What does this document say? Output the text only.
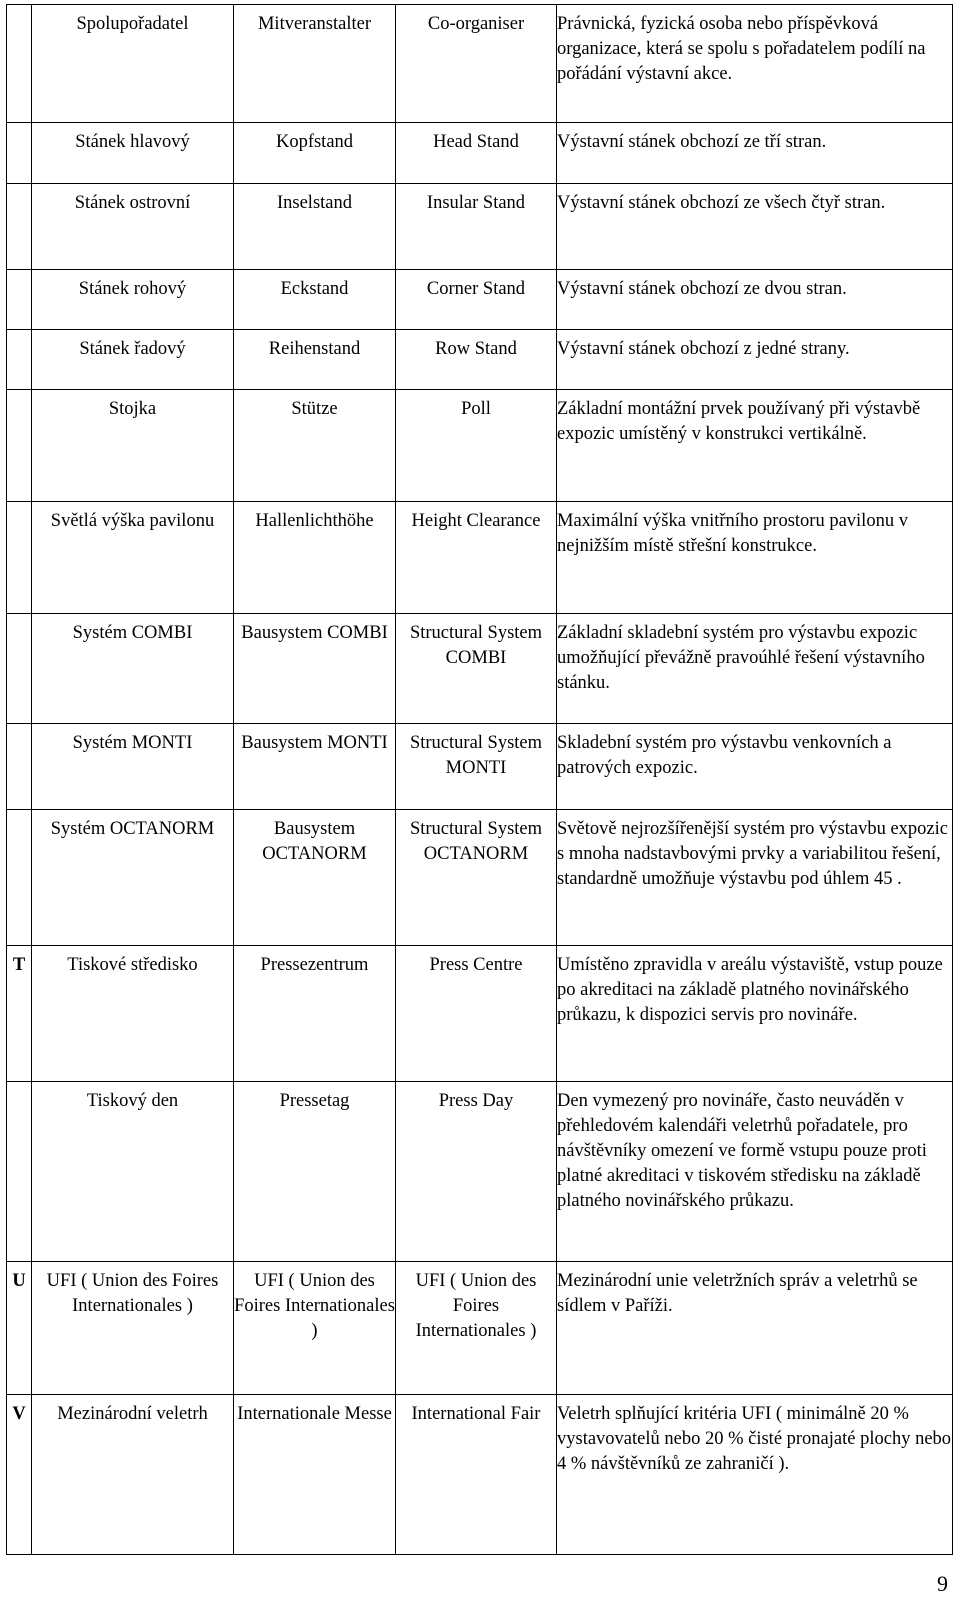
	Spolupořadatel	Mitveranstalter	Co-organiser	Právnická, fyzická osoba nebo příspěvková organizace, která se spolu s pořadatelem podílí na pořádání výstavní akce.

	Stánek hlavový	Kopfstand	Head Stand	Výstavní stánek obchozí ze tří stran.

	Stánek ostrovní	Inselstand	Insular Stand	Výstavní stánek obchozí ze všech čtyř stran.

	Stánek rohový	Eckstand	Corner Stand	Výstavní stánek obchozí ze dvou stran.

	Stánek řadový	Reihenstand	Row Stand	Výstavní stánek obchozí z jedné strany.

	Stojka	Stütze	Poll	Základní montážní prvek používaný při výstavbě expozic umístěný v konstrukci vertikálně.

	Světlá výška pavilonu	Hallenlichthöhe	Height Clearance	Maximální výška vnitřního prostoru pavilonu v nejnižším místě střešní konstrukce.

	Systém COMBI	Bausystem COMBI	Structural System COMBI	Základní skladební systém pro výstavbu expozic umožňující převážně pravoúhlé řešení výstavního stánku.

	Systém MONTI	Bausystem MONTI	Structural System MONTI	Skladební systém pro výstavbu venkovních a patrových expozic.

	Systém OCTANORM	Bausystem OCTANORM	Structural System OCTANORM	Světově nejrozšířenější systém pro výstavbu expozic s mnoha nadstavbovými prvky a variabilitou řešení, standardně umožňuje výstavbu pod úhlem 45 .

T	Tiskové středisko	Pressezentrum	Press Centre	Umístěno zpravidla v areálu výstaviště, vstup pouze po akreditaci na základě platného novinářského průkazu, k dispozici servis pro novináře.

	Tiskový den	Pressetag	Press Day	Den vymezený pro novináře, často neuváděn v přehledovém kalendáři veletrhů pořadatele, pro návštěvníky omezení ve formě vstupu pouze proti platné akreditaci v tiskovém středisku na základě platného novinářského průkazu.

U	UFI ( Union des Foires Internationales )	UFI ( Union des Foires Internationales )	UFI ( Union des Foires Internationales )	Mezinárodní unie veletržních správ a veletrhů se sídlem v Paříži.

V	Mezinárodní veletrh	Internationale Messe	International Fair	Veletrh splňující kritéria UFI ( minimálně 20 % vystavovatelů nebo 20 % čisté pronajaté plochy nebo 4 % návštěvníků ze zahraničí ).
9
